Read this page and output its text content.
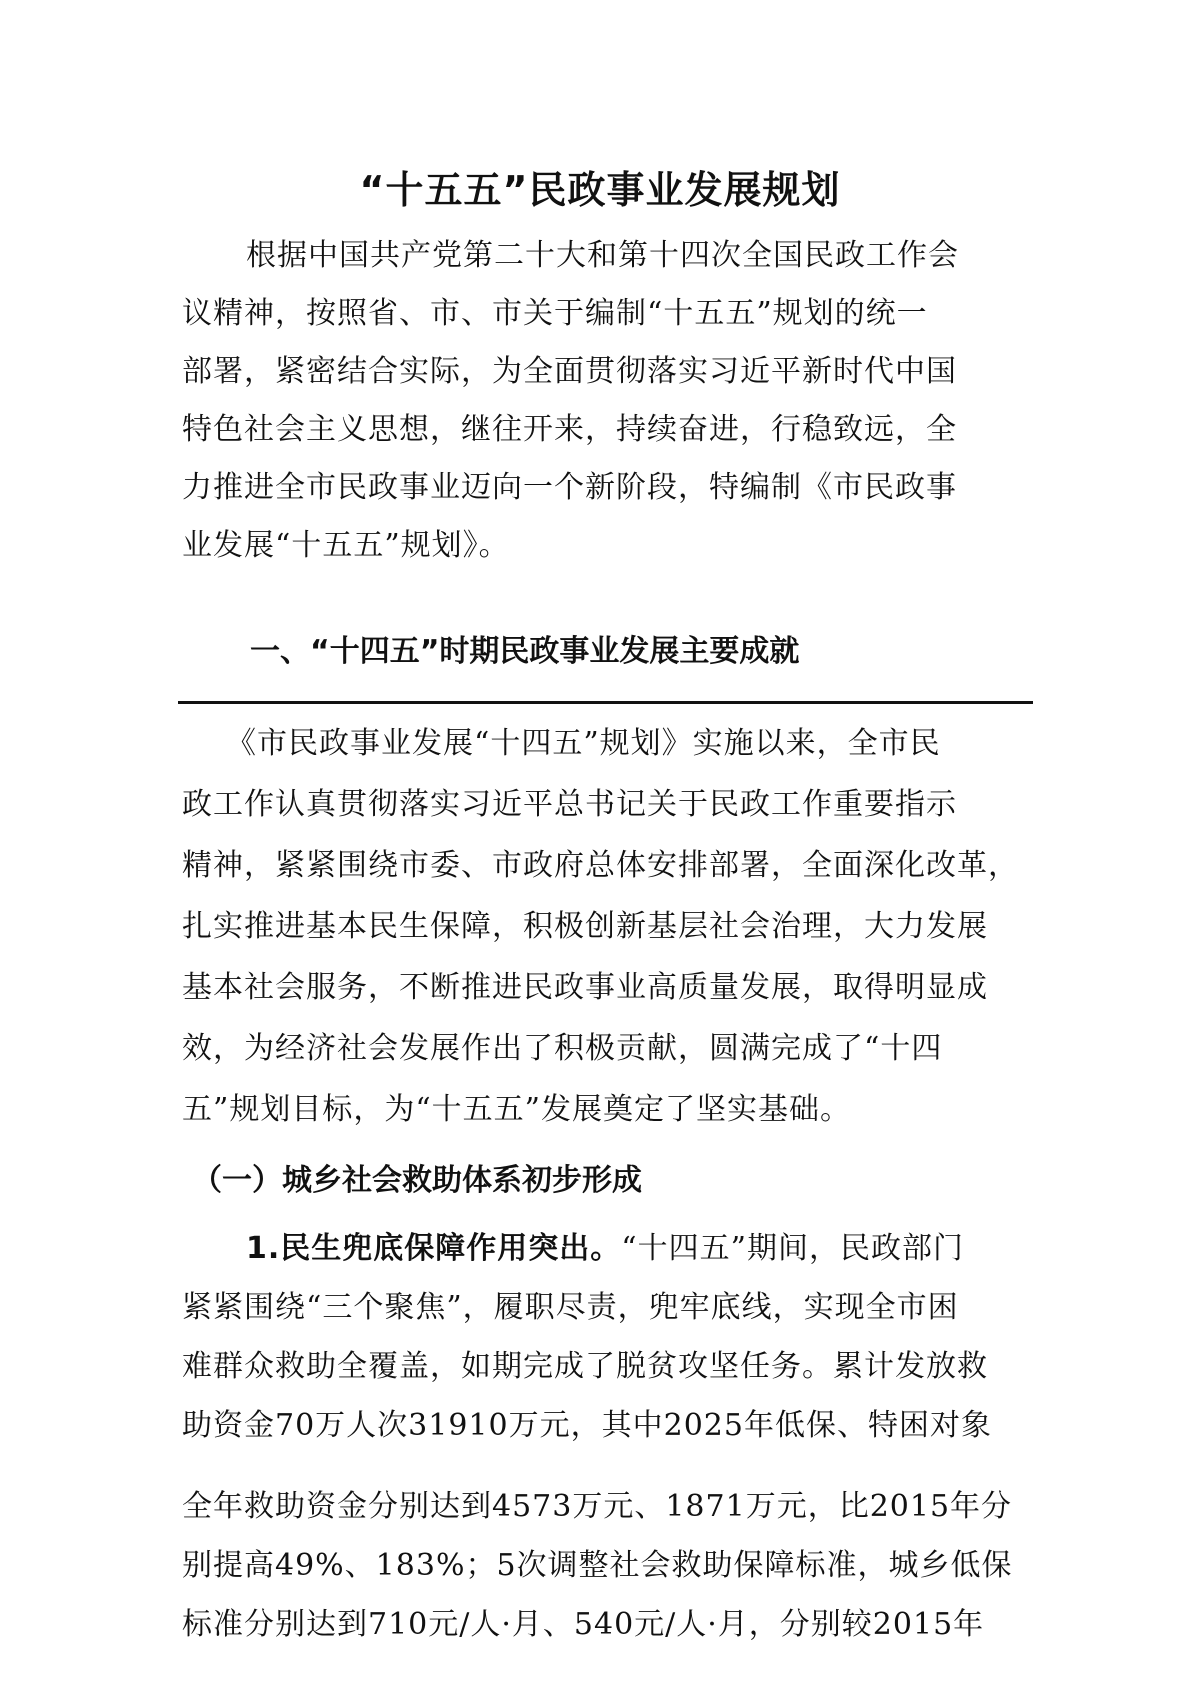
“十五五”民政事业发展规划
根据中国共产党第二十大和第十四次全国民政工作会
议精神，按照省、市、市关于编制“十五五”规划的统一
部署，紧密结合实际，为全面贯彻落实习近平新时代中国
特色社会主义思想，继往开来，持续奋进，行稳致远，全
力推进全市民政事业迈向一个新阶段，特编制《市民政事
业发展“十五五”规划》。
一、“十四五”时期民政事业发展主要成就
《市民政事业发展“十四五”规划》实施以来，全市民
政工作认真贯彻落实习近平总书记关于民政工作重要指示
精神，紧紧围绕市委、市政府总体安排部署，全面深化改革，
扎实推进基本民生保障，积极创新基层社会治理，大力发展
基本社会服务，不断推进民政事业高质量发展，取得明显成
效，为经济社会发展作出了积极贡献，圆满完成了“十四
五”规划目标，为“十五五”发展奠定了坚实基础。
（一）城乡社会救助体系初步形成
1.民生兜底保障作用突出。“十四五”期间，民政部门
紧紧围绕“三个聚焦”，履职尽责，兜牢底线，实现全市困
难群众救助全覆盖，如期完成了脱贫攻坚任务。累计发放救
助资金70万人次31910万元，其中2025年低保、特困对象
全年救助资金分别达到4573万元、1871万元，比2015年分
别提高49%、183%；5次调整社会救助保障标准，城乡低保
标准分别达到710元/人·月、540元/人·月，分别较2015年
